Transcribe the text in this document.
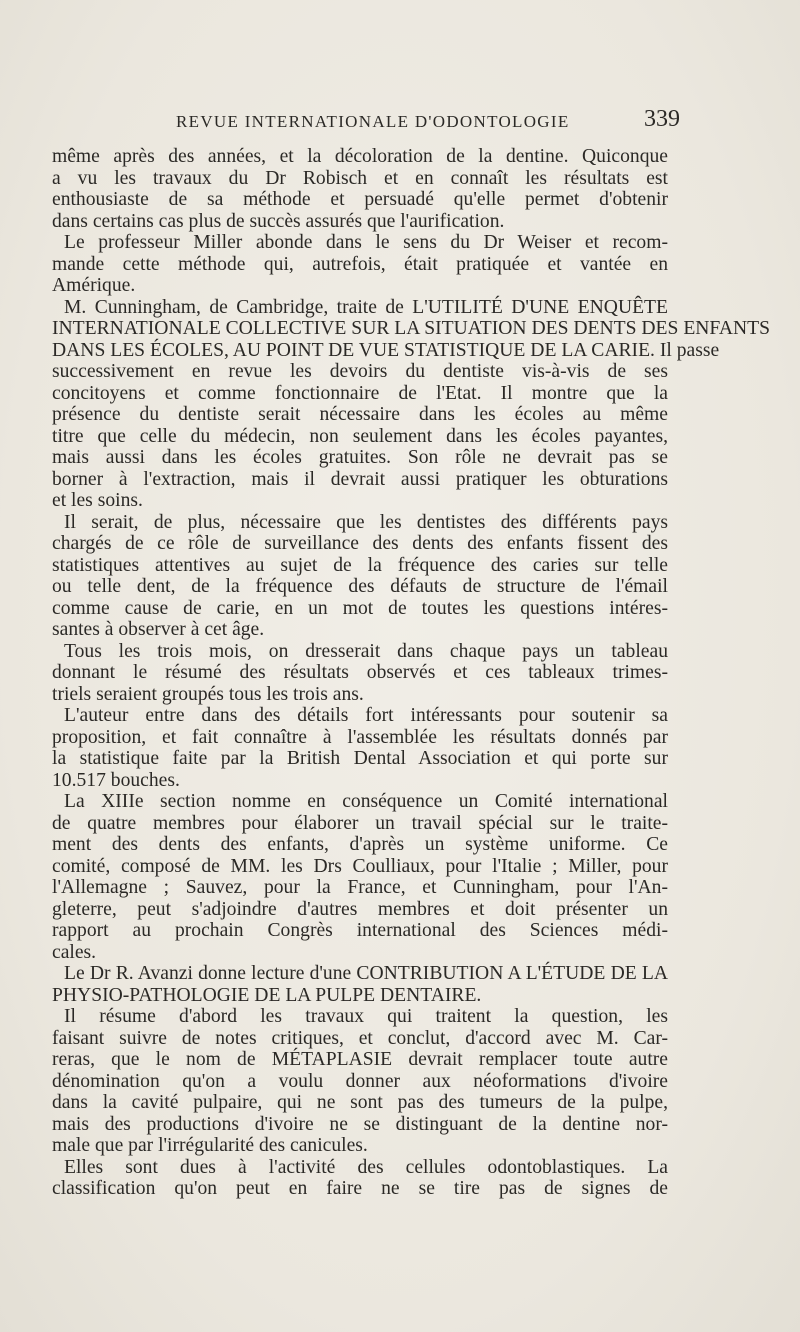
REVUE INTERNATIONALE D'ODONTOLOGIE	339
même après des années, et la décoloration de la dentine. Quiconque
a vu les travaux du Dr Robisch et en connaît les résultats est
enthousiaste de sa méthode et persuadé qu'elle permet d'obtenir
dans certains cas plus de succès assurés que l'aurification.
Le professeur Miller abonde dans le sens du Dr Weiser et recom-
mande cette méthode qui, autrefois, était pratiquée et vantée en
Amérique.
M. Cunningham, de Cambridge, traite de L'UTILITÉ D'UNE ENQUÊTE
INTERNATIONALE COLLECTIVE SUR LA SITUATION DES DENTS DES ENFANTS
DANS LES ÉCOLES, AU POINT DE VUE STATISTIQUE DE LA CARIE. Il passe
successivement en revue les devoirs du dentiste vis-à-vis de ses
concitoyens et comme fonctionnaire de l'Etat. Il montre que la
présence du dentiste serait nécessaire dans les écoles au même
titre que celle du médecin, non seulement dans les écoles payantes,
mais aussi dans les écoles gratuites. Son rôle ne devrait pas se
borner à l'extraction, mais il devrait aussi pratiquer les obturations
et les soins.
Il serait, de plus, nécessaire que les dentistes des différents pays
chargés de ce rôle de surveillance des dents des enfants fissent des
statistiques attentives au sujet de la fréquence des caries sur telle
ou telle dent, de la fréquence des défauts de structure de l'émail
comme cause de carie, en un mot de toutes les questions intéres-
santes à observer à cet âge.
Tous les trois mois, on dresserait dans chaque pays un tableau
donnant le résumé des résultats observés et ces tableaux trimes-
triels seraient groupés tous les trois ans.
L'auteur entre dans des détails fort intéressants pour soutenir sa
proposition, et fait connaître à l'assemblée les résultats donnés par
la statistique faite par la British Dental Association et qui porte sur
10.517 bouches.
La XIIIe section nomme en conséquence un Comité international
de quatre membres pour élaborer un travail spécial sur le traite-
ment des dents des enfants, d'après un système uniforme. Ce
comité, composé de MM. les Drs Coulliaux, pour l'Italie ; Miller, pour
l'Allemagne ; Sauvez, pour la France, et Cunningham, pour l'An-
gleterre, peut s'adjoindre d'autres membres et doit présenter un
rapport au prochain Congrès international des Sciences médi-
cales.
Le Dr R. Avanzi donne lecture d'une CONTRIBUTION A L'ÉTUDE DE LA
PHYSIO-PATHOLOGIE DE LA PULPE DENTAIRE.
Il résume d'abord les travaux qui traitent la question, les
faisant suivre de notes critiques, et conclut, d'accord avec M. Car-
reras, que le nom de MÉTAPLASIE devrait remplacer toute autre
dénomination qu'on a voulu donner aux néoformations d'ivoire
dans la cavité pulpaire, qui ne sont pas des tumeurs de la pulpe,
mais des productions d'ivoire ne se distinguant de la dentine nor-
male que par l'irrégularité des canicules.
Elles sont dues à l'activité des cellules odontoblastiques. La
classification qu'on peut en faire ne se tire pas de signes de
